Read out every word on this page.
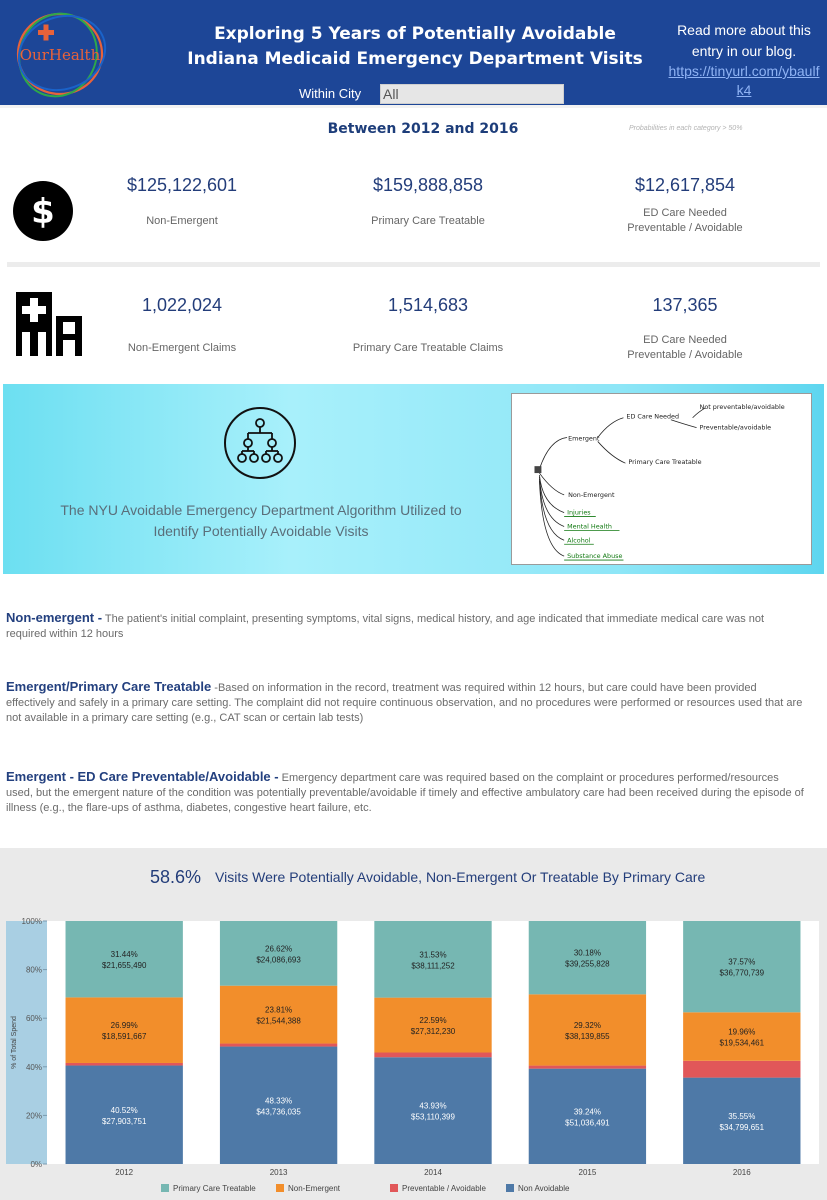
OurHealth
Exploring 5 Years of Potentially Avoidable
Indiana Medicaid Emergency Department Visits
Within City All
Read more about this entry in our blog.
https://tinyurl.com/ybaulfk4
Between 2012 and 2016	Probabilities in each category > 50%
$
$125,122,601
Non-Emergent
$159,888,858
Primary Care Treatable
$12,617,854
ED Care Needed
Preventable / Avoidable
1,022,024
Non-Emergent Claims
1,514,683
Primary Care Treatable Claims
137,365
ED Care Needed
Preventable / Avoidable
The NYU Avoidable Emergency Department Algorithm Utilized to Identify Potentially Avoidable Visits
Emergent
ED Care Needed
Not preventable/avoidable
Preventable/avoidable
Primary Care Treatable
Non-Emergent
Injuries
Mental Health
Alcohol
Substance Abuse
Non-emergent - The patient's initial complaint, presenting symptoms, vital signs, medical history, and age indicated that immediate medical care was not required within 12 hours
Emergent/Primary Care Treatable -Based on information in the record, treatment was required within 12 hours, but care could have been provided effectively and safely in a primary care setting. The complaint did not require continuous observation, and no procedures were performed or resources used that are not available in a primary care setting (e.g., CAT scan or certain lab tests)
Emergent - ED Care Preventable/Avoidable - Emergency department care was required based on the complaint or procedures performed/resources used, but the emergent nature of the condition was potentially preventable/avoidable if timely and effective ambulatory care had been received during the episode of illness (e.g., the flare-ups of asthma, diabetes, congestive heart failure, etc.
58.6% Visits Were Potentially Avoidable, Non-Emergent Or Treatable By Primary Care
0%
20%
40%
60%
80%
100%
% of Total Spend
40.52%
$27,903,751
26.99%
$18,591,667
31.44%
$21,655,490
2012
48.33%
$43,736,035
23.81%
$21,544,388
26.62%
$24,086,693
2013
43.93%
$53,110,399
22.59%
$27,312,230
31.53%
$38,111,252
2014
39.24%
$51,036,491
29.32%
$38,139,855
30.18%
$39,255,828
2015
35.55%
$34,799,651
19.96%
$19,534,461
37.57%
$36,770,739
2016
Primary Care Treatable	Non-Emergent	Preventable / Avoidable	Non Avoidable
